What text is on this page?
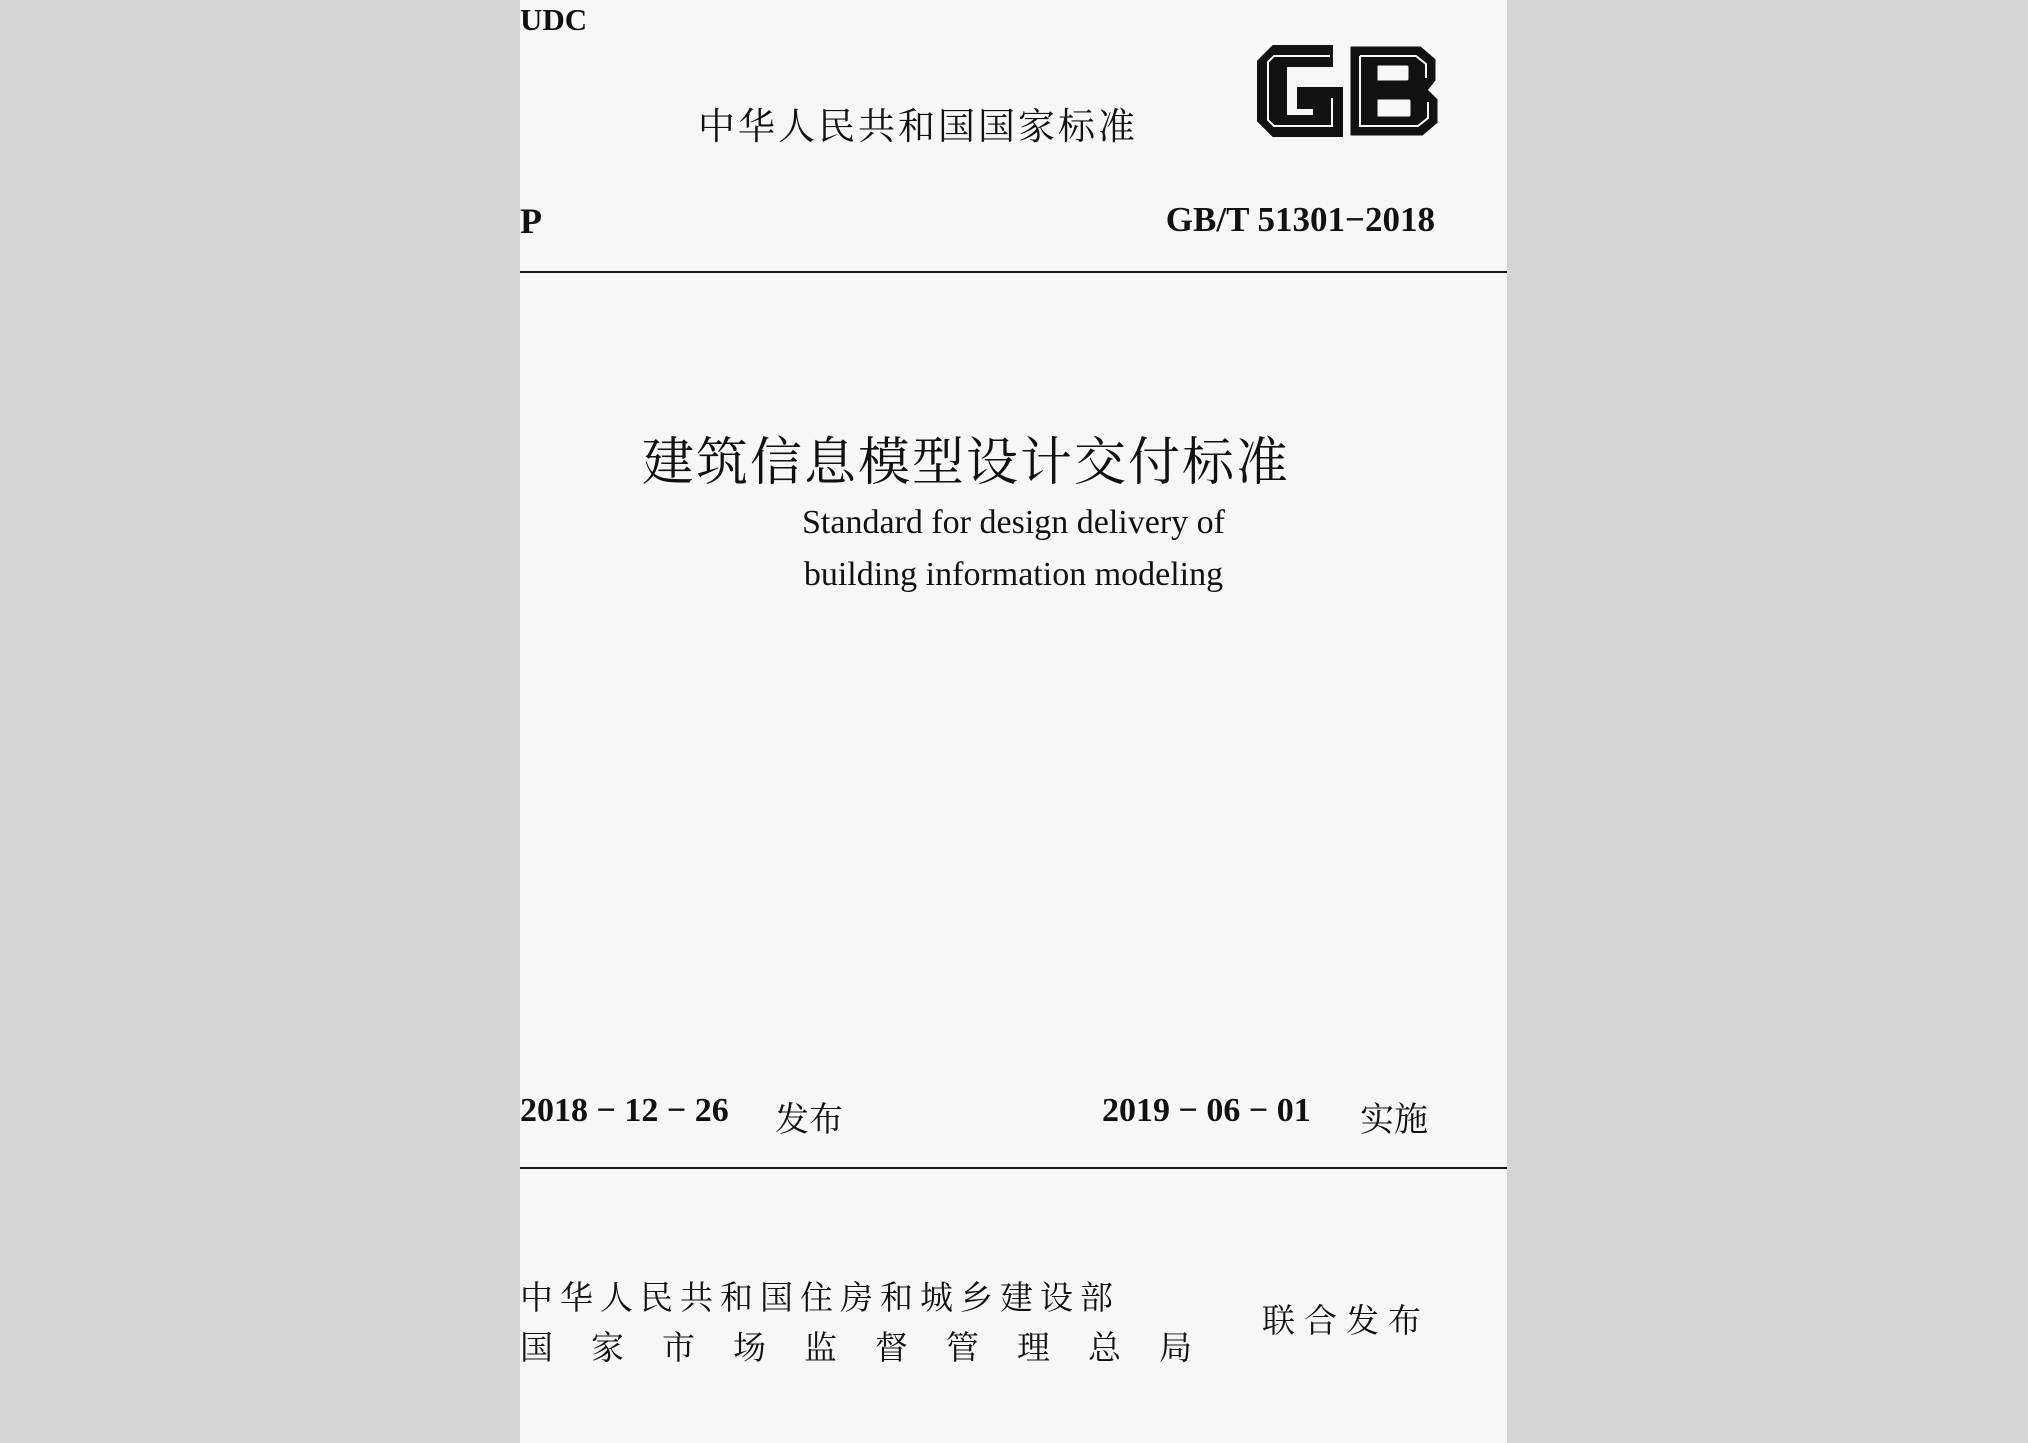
UDC
中华人民共和国国家标准
GB
P	GB/T 51301−2018
建筑信息模型设计交付标准
Standard for design delivery of
building information modeling
2018 − 12 − 26 发布	2019 − 06 − 01 实施
中华人民共和国住房和城乡建设部
国家市场监督管理总局
联合发布
